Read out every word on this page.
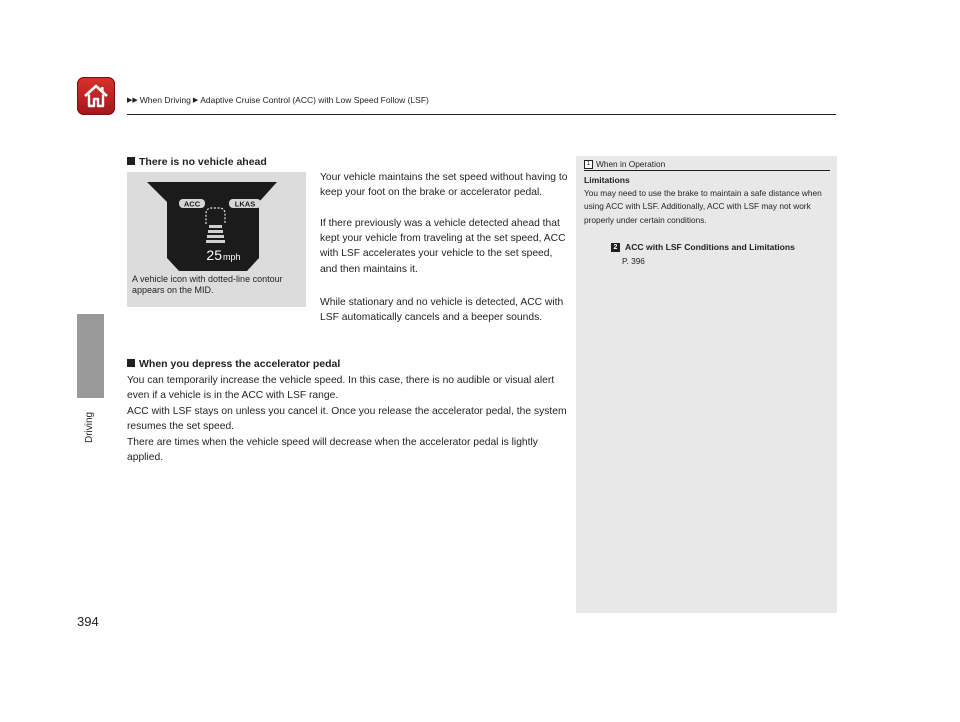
▶▶ When Driving ▶ Adaptive Cruise Control (ACC) with Low Speed Follow (LSF)
Driving
394
There is no vehicle ahead
ACC	LKAS
25 mph
A vehicle icon with dotted-line contour appears on the MID.
Your vehicle maintains the set speed without having to keep your foot on the brake or accelerator pedal.
If there previously was a vehicle detected ahead that kept your vehicle from traveling at the set speed, ACC with LSF accelerates your vehicle to the set speed, and then maintains it.
While stationary and no vehicle is detected, ACC with LSF automatically cancels and a beeper sounds.
When you depress the accelerator pedal
You can temporarily increase the vehicle speed. In this case, there is no audible or visual alert even if a vehicle is in the ACC with LSF range.
ACC with LSF stays on unless you cancel it. Once you release the accelerator pedal, the system resumes the set speed.
There are times when the vehicle speed will decrease when the accelerator pedal is lightly applied.
1 When in Operation
Limitations
You may need to use the brake to maintain a safe distance when using ACC with LSF. Additionally, ACC with LSF may not work properly under certain conditions.
2 ACC with LSF Conditions and Limitations
P. 396
